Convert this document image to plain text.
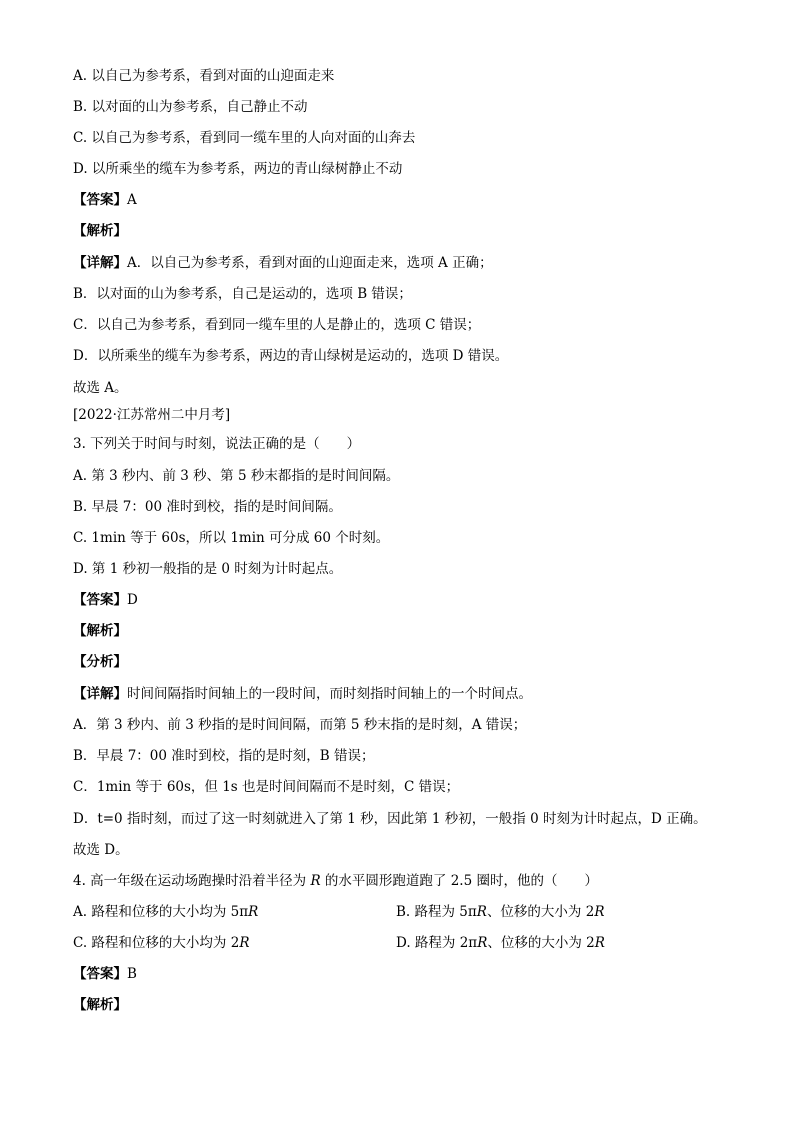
A. 以自己为参考系，看到对面的山迎面走来
B. 以对面的山为参考系，自己静止不动
C. 以自己为参考系，看到同一缆车里的人向对面的山奔去
D. 以所乘坐的缆车为参考系，两边的青山绿树静止不动
【答案】A
【解析】
【详解】A．以自己为参考系，看到对面的山迎面走来，选项 A 正确；
B．以对面的山为参考系，自己是运动的，选项 B 错误；
C．以自己为参考系，看到同一缆车里的人是静止的，选项 C 错误；
D．以所乘坐的缆车为参考系，两边的青山绿树是运动的，选项 D 错误。
故选 A。
[2022·江苏常州二中月考]
3. 下列关于时间与时刻，说法正确的是（　　）
A. 第 3 秒内、前 3 秒、第 5 秒末都指的是时间间隔。
B. 早晨 7：00 准时到校，指的是时间间隔。
C. 1min 等于 60s，所以 1min 可分成 60 个时刻。
D. 第 1 秒初一般指的是 0 时刻为计时起点。
【答案】D
【解析】
【分析】
【详解】时间间隔指时间轴上的一段时间，而时刻指时间轴上的一个时间点。
A．第 3 秒内、前 3 秒指的是时间间隔，而第 5 秒末指的是时刻，A 错误；
B．早晨 7：00 准时到校，指的是时刻，B 错误；
C．1min 等于 60s，但 1s 也是时间间隔而不是时刻，C 错误；
D．t=0 指时刻，而过了这一时刻就进入了第 1 秒，因此第 1 秒初，一般指 0 时刻为计时起点，D 正确。
故选 D。
4. 高一年级在运动场跑操时沿着半径为 R 的水平圆形跑道跑了 2.5 圈时，他的（　　）
A. 路程和位移的大小均为 5πR	B. 路程为 5πR、位移的大小为 2R
C. 路程和位移的大小均为 2R	D. 路程为 2πR、位移的大小为 2R
【答案】B
【解析】
